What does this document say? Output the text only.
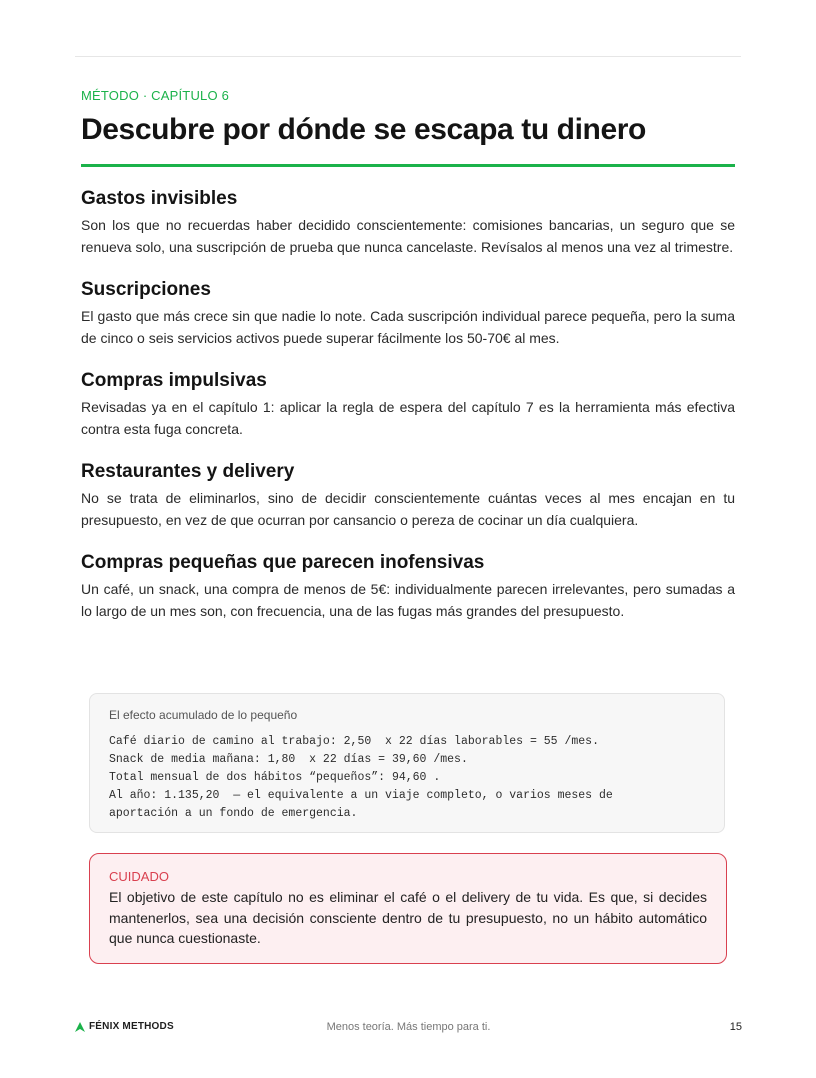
MÉTODO · CAPÍTULO 6

Descubre por dónde se escapa tu dinero
Gastos invisibles

Son los que no recuerdas haber decidido conscientemente: comisiones bancarias, un seguro que se renueva solo, una suscripción de prueba que nunca cancelaste. Revísalos al menos una vez al trimestre.

Suscripciones

El gasto que más crece sin que nadie lo note. Cada suscripción individual parece pequeña, pero la suma de cinco o seis servicios activos puede superar fácilmente los 50-70€ al mes.

Compras impulsivas

Revisadas ya en el capítulo 1: aplicar la regla de espera del capítulo 7 es la herramienta más efectiva contra esta fuga concreta.

Restaurantes y delivery

No se trata de eliminarlos, sino de decidir conscientemente cuántas veces al mes encajan en tu presupuesto, en vez de que ocurran por cansancio o pereza de cocinar un día cualquiera.

Compras pequeñas que parecen inofensivas

Un café, un snack, una compra de menos de 5€: individualmente parecen irrelevantes, pero sumadas a lo largo de un mes son, con frecuencia, una de las fugas más grandes del presupuesto.

El efecto acumulado de lo pequeño

Café diario de camino al trabajo: 2,50  x 22 días laborables = 55 /mes.

Snack de media mañana: 1,80  x 22 días = 39,60 /mes.

Total mensual de dos hábitos “pequeños”: 94,60 .

Al año: 1.135,20  — el equivalente a un viaje completo, o varios meses de

aportación a un fondo de emergencia.

CUIDADO

El objetivo de este capítulo no es eliminar el café o el delivery de tu vida. Es que, si decides mantenerlos, sea una decisión consciente dentro de tu presupuesto, no un hábito automático que nunca cuestionaste.

FÉNIX METHODS	Menos teoría. Más tiempo para ti.	15
